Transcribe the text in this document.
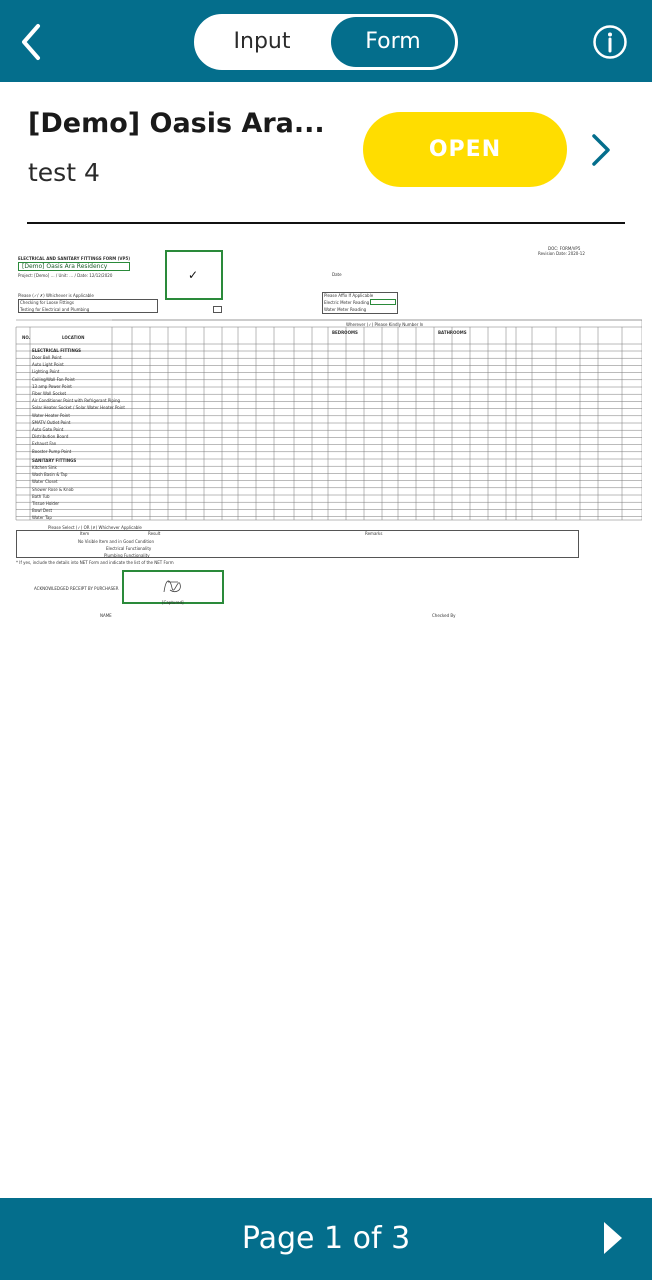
Input	Form
[Demo] Oasis Ara...
test 4
OPEN
ELECTRICAL AND SANITARY FITTINGS FORM (VP5)
[Demo] Oasis Ara Residency
Project: [Demo] … / Unit: … / Date: 12/12/2020	✓	Date
DOC: FORM/VP5
Revision Date: 2020-12
Please (✓/ ✗) Whichever is Applicable
Checking for Loose Fittings
Testing for Electrical and Plumbing
Please Affix If Applicable
Electric Meter Reading
Water Meter Reading
NO.	LOCATION
Wherever (✓) Please Kindly Number In
BEDROOMS	BATHROOMS
ELECTRICAL FITTINGS
Door Bell Point
Auto Light Point
Lighting Point
Ceiling/Wall Fan Point
13 amp Power Point
Fiber Wall Socket
Air Conditioner Point with Refrigerant Piping
Solar Heater Socket / Solar Water Heater Point
Water Heater Point
SMATV Outlet Point
Auto Gate Point
Distribution Board
Exhaust Fan
Booster Pump Point
SANITARY FITTINGS
Kitchen Sink
Wash Basin & Tap
Water Closet
Shower Rose & Knob
Bath Tub
Tissue Holder
Bowl Dest
Water Tap
Please Select (✓) OR (✗) Whichever Applicable
Item	Result	Remarks
No Visible Item and in Good Condition
Electrical Functionality
Plumbing Functionality
* If yes, include the details into NET Form and indicate the list of the NET Form
ACKNOWLEDGED RECEIPT BY PURCHASER
[Captured]
NAME	Checked By
Page 1 of 3
